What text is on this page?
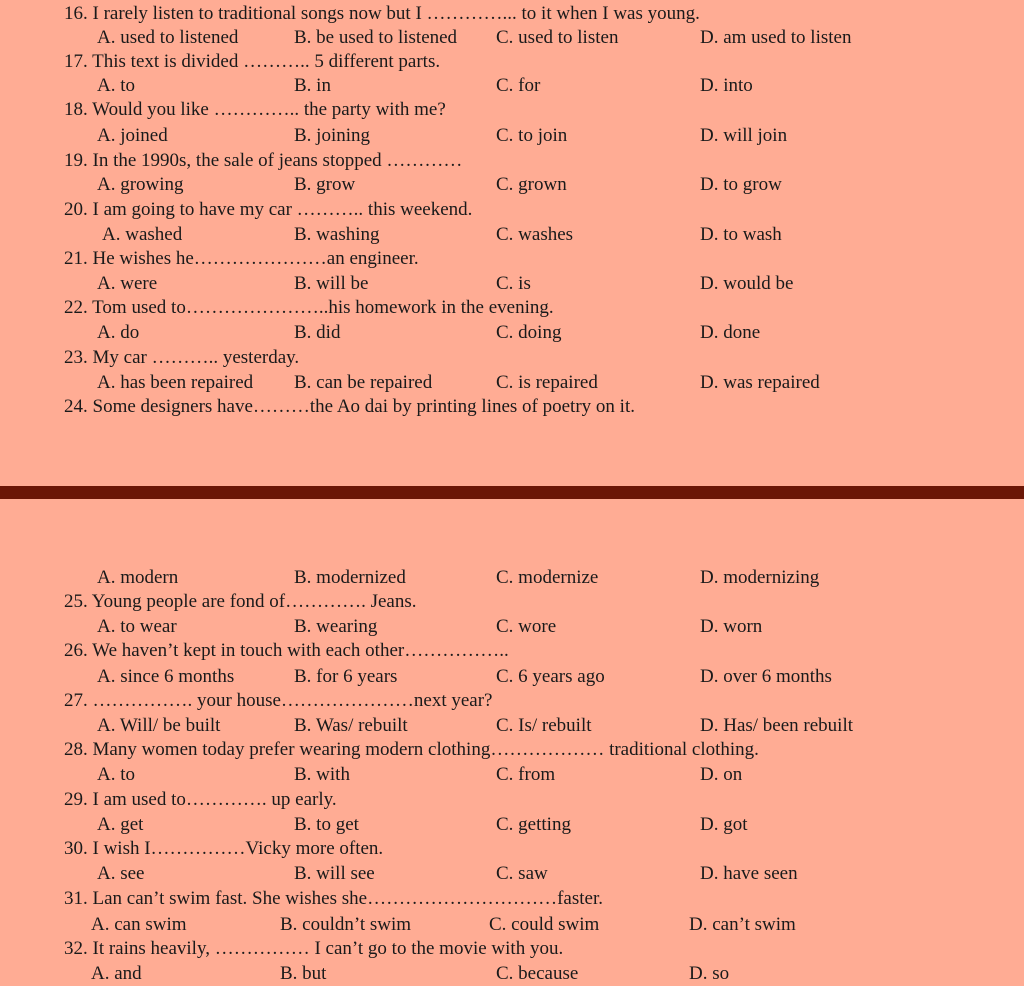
16. I rarely listen to traditional songs now but I …………... to it when I was young.
A. used to listened	B. be used to listened C. used to listen	D. am used to listen
17. This text is divided ……….. 5 different parts.
A. to	B. in	C. for	D. into
18. Would you like ………….. the party with me?
A. joined	B. joining	C. to join	D. will join
19. In the 1990s, the sale of jeans stopped …………
A. growing	B. grow	C. grown	D. to grow
20. I am going to have my car ……….. this weekend.
A. washed	B. washing	C. washes	D. to wash
21. He wishes he…………………an engineer.
A. were	B. will be	C. is	D. would be
22. Tom used to…………………..his homework in the evening.
A. do	B. did	C. doing	D. done
23. My car ……….. yesterday.
A. has been repaired B. can be repaired	C. is repaired	D. was repaired
24. Some designers have………the Ao dai by printing lines of poetry on it.
A. modern	B. modernized	C. modernize	D. modernizing
25. Young people are fond of…………. Jeans.
A. to wear	B. wearing	C. wore	D. worn
26. We haven’t kept in touch with each other……………..
A. since 6 months	B. for 6 years	C. 6 years ago	D. over 6 months
27. ……………. your house…………………next year?
A. Will/ be built	B. Was/ rebuilt	C. Is/ rebuilt	D. Has/ been rebuilt
28. Many women today prefer wearing modern clothing……………… traditional clothing.
A. to	B. with	C. from	D. on
29. I am used to…………. up early.
A. get	B. to get	C. getting	D. got
30. I wish I……………Vicky more often.
A. see	B. will see	C. saw	D. have seen
31. Lan can’t swim fast. She wishes she…………………………faster.
A. can swim	B. couldn’t swim	C. could swim	D. can’t swim
32. It rains heavily, …………… I can’t go to the movie with you.
A. and	B. but	C. because	D. so
